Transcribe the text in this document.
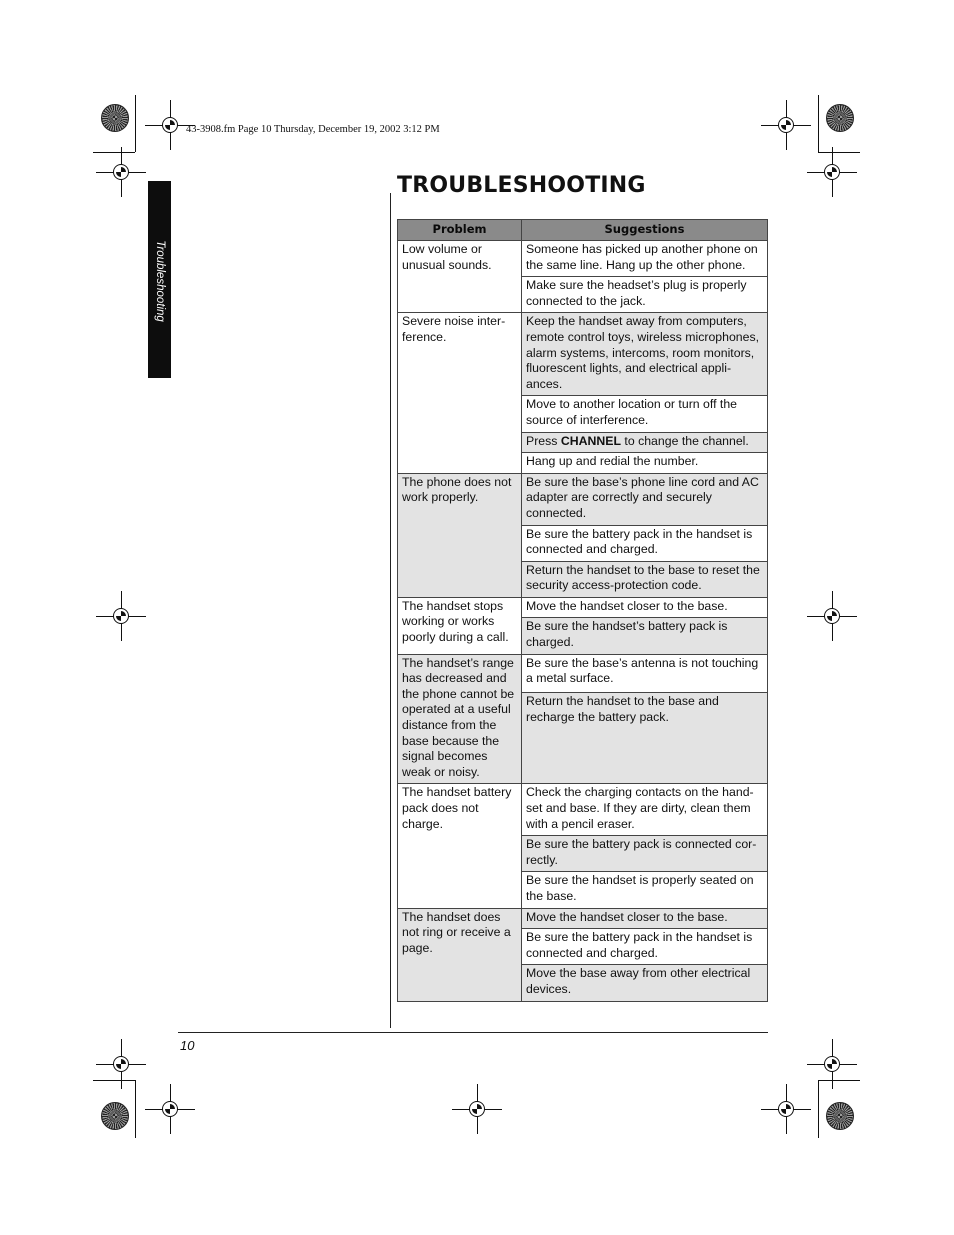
43-3908.fm Page 10 Thursday, December 19, 2002 3:12 PM
Troubleshooting
TROUBLESHOOTING
Problem	Suggestions
Low volume or unusual sounds.	Someone has picked up another phone on the same line. Hang up the other phone.
	Make sure the headset’s plug is properly connected to the jack.
Severe noise inter-ference.	Keep the handset away from computers, remote control toys, wireless microphones, alarm systems, intercoms, room monitors, fluorescent lights, and electrical appli-ances.
	Move to another location or turn off the source of interference.
	Press CHANNEL to change the channel.
	Hang up and redial the number.
The phone does not work properly.	Be sure the base’s phone line cord and AC adapter are correctly and securely connected.
	Be sure the battery pack in the handset is connected and charged.
	Return the handset to the base to reset the security access-protection code.
The handset stops working or works poorly during a call.	Move the handset closer to the base.
	Be sure the handset’s battery pack is charged.
The handset’s range has decreased and the phone cannot be operated at a useful distance from the base because the signal becomes weak or noisy.	Be sure the base’s antenna is not touching a metal surface.
	Return the handset to the base and recharge the battery pack.
The handset battery pack does not charge.	Check the charging contacts on the hand-set and base. If they are dirty, clean them with a pencil eraser.
	Be sure the battery pack is connected cor-rectly.
	Be sure the handset is properly seated on the base.
The handset does not ring or receive a page.	Move the handset closer to the base.
	Be sure the battery pack in the handset is connected and charged.
	Move the base away from other electrical devices.
10
